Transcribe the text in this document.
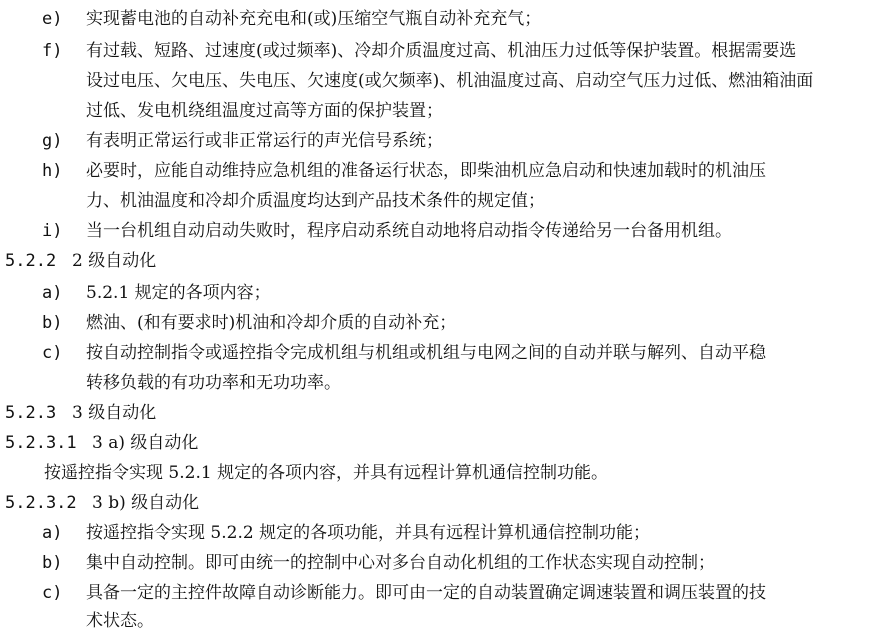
e) 实现蓄电池的自动补充充电和(或)压缩空气瓶自动补充充气；
f) 有过载、短路、过速度(或过频率)、冷却介质温度过高、机油压力过低等保护装置。根据需要选
设过电压、欠电压、失电压、欠速度(或欠频率)、机油温度过高、启动空气压力过低、燃油箱油面
过低、发电机绕组温度过高等方面的保护装置；
g) 有表明正常运行或非正常运行的声光信号系统；
h) 必要时，应能自动维持应急机组的准备运行状态，即柴油机应急启动和快速加载时的机油压
力、机油温度和冷却介质温度均达到产品技术条件的规定值；
i) 当一台机组自动启动失败时，程序启动系统自动地将启动指令传递给另一台备用机组。
5.2.2 2 级自动化
a) 5.2.1 规定的各项内容；
b) 燃油、(和有要求时)机油和冷却介质的自动补充；
c) 按自动控制指令或遥控指令完成机组与机组或机组与电网之间的自动并联与解列、自动平稳
转移负载的有功功率和无功功率。
5.2.3 3 级自动化
5.2.3.1 3 a) 级自动化
按遥控指令实现 5.2.1 规定的各项内容，并具有远程计算机通信控制功能。
5.2.3.2 3 b) 级自动化
a) 按遥控指令实现 5.2.2 规定的各项功能，并具有远程计算机通信控制功能；
b) 集中自动控制。即可由统一的控制中心对多台自动化机组的工作状态实现自动控制；
c) 具备一定的主控件故障自动诊断能力。即可由一定的自动装置确定调速装置和调压装置的技
术状态。
